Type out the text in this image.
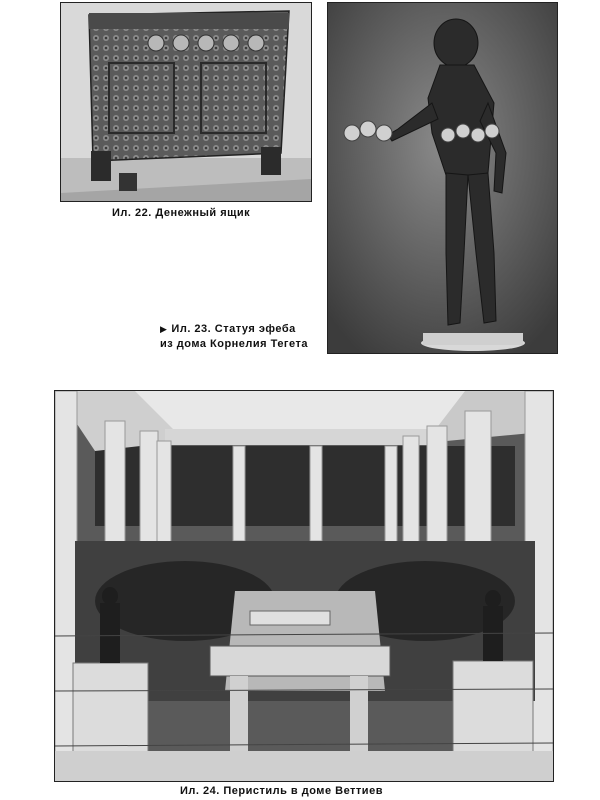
Ил. 22. Денежный ящик
▶ Ил. 23. Статуя эфеба
из дома Корнелия Тегета
Ил. 24. Перистиль в доме Веттиев
